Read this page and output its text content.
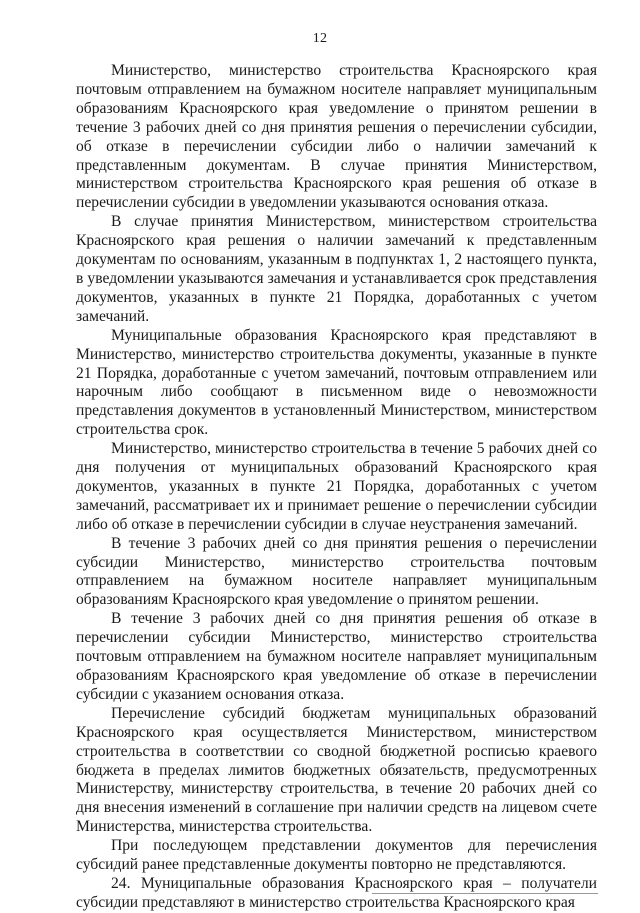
12

Министерство, министерство строительства Красноярского края почтовым отправлением на бумажном носителе направляет муниципальным образованиям Красноярского края уведомление о принятом решении в течение 3 рабочих дней со дня принятия решения о перечислении субсидии, об отказе в перечислении субсидии либо о наличии замечаний к представленным документам. В случае принятия Министерством, министерством строительства Красноярского края решения об отказе в перечислении субсидии в уведомлении указываются основания отказа.

В случае принятия Министерством, министерством строительства Красноярского края решения о наличии замечаний к представленным документам по основаниям, указанным в подпунктах 1, 2 настоящего пункта, в уведомлении указываются замечания и устанавливается срок представления документов, указанных в пункте 21 Порядка, доработанных с учетом замечаний.

Муниципальные образования Красноярского края представляют в Министерство, министерство строительства документы, указанные в пункте 21 Порядка, доработанные с учетом замечаний, почтовым отправлением или нарочным либо сообщают в письменном виде о невозможности представления документов в установленный Министерством, министерством строительства срок.

Министерство, министерство строительства в течение 5 рабочих дней со дня получения от муниципальных образований Красноярского края документов, указанных в пункте 21 Порядка, доработанных с учетом замечаний, рассматривает их и принимает решение о перечислении субсидии либо об отказе в перечислении субсидии в случае неустранения замечаний.

В течение 3 рабочих дней со дня принятия решения о перечислении субсидии Министерство, министерство строительства почтовым отправлением на бумажном носителе направляет муниципальным образованиям Красноярского края уведомление о принятом решении.

В течение 3 рабочих дней со дня принятия решения об отказе в перечислении субсидии Министерство, министерство строительства почтовым отправлением на бумажном носителе направляет муниципальным образованиям Красноярского края уведомление об отказе в перечислении субсидии с указанием основания отказа.

Перечисление субсидий бюджетам муниципальных образований Красноярского края осуществляется Министерством, министерством строительства в соответствии со сводной бюджетной росписью краевого бюджета в пределах лимитов бюджетных обязательств, предусмотренных Министерству, министерству строительства, в течение 20 рабочих дней со дня внесения изменений в соглашение при наличии средств на лицевом счете Министерства, министерства строительства.

При последующем представлении документов для перечисления субсидий ранее представленные документы повторно не представляются.

24. Муниципальные образования Красноярского края – получатели субсидии представляют в министерство строительства Красноярского края
